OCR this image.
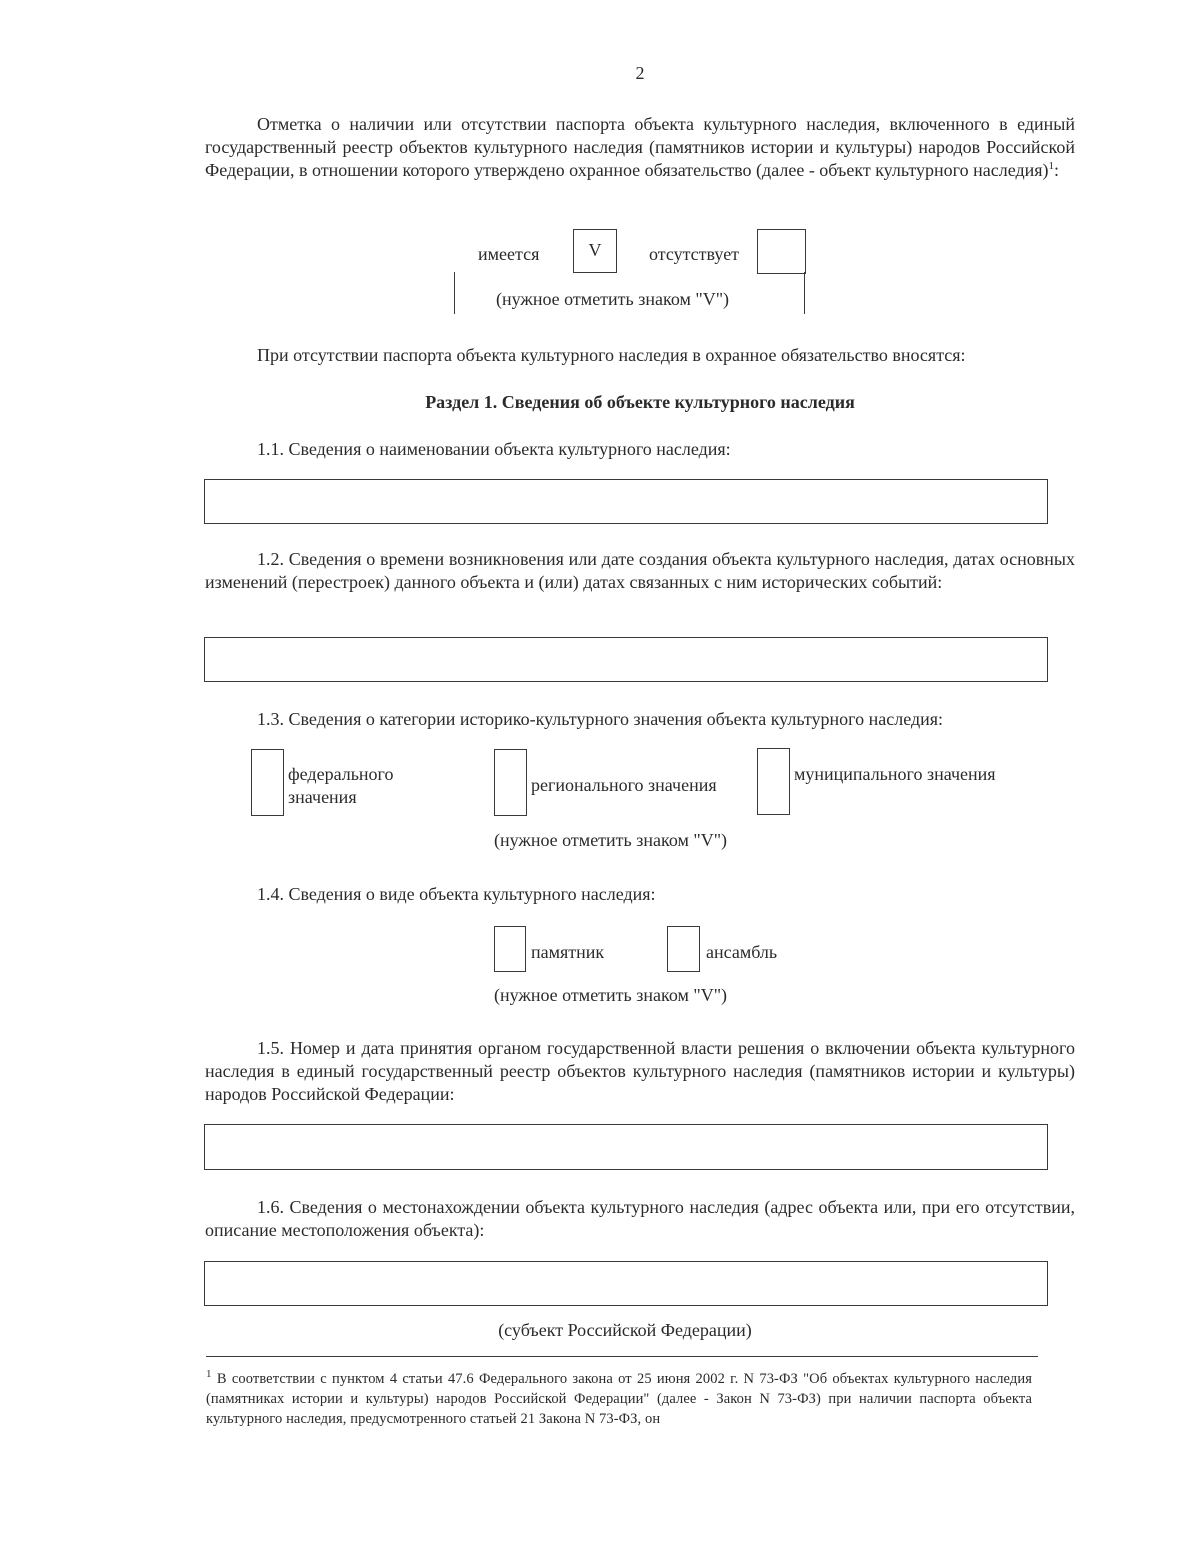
2
Отметка о наличии или отсутствии паспорта объекта культурного наследия, включенного в единый государственный реестр объектов культурного наследия (памятников истории и культуры) народов Российской Федерации, в отношении которого утверждено охранное обязательство (далее - объект культурного наследия)$^1$:
имеется	V	отсутствует
(нужное отметить знаком "V")
При отсутствии паспорта объекта культурного наследия в охранное обязательство вносятся:
Раздел 1. Сведения об объекте культурного наследия
1.1. Сведения о наименовании объекта культурного наследия:
1.2. Сведения о времени возникновения или дате создания объекта культурного наследия, датах основных изменений (перестроек) данного объекта и (или) датах связанных с ним исторических событий:
1.3. Сведения о категории историко-культурного значения объекта культурного наследия:
федерального значения
регионального значения
муниципального значения
(нужное отметить знаком "V")
1.4. Сведения о виде объекта культурного наследия:
памятник	ансамбль
(нужное отметить знаком "V")
1.5. Номер и дата принятия органом государственной власти решения о включении объекта культурного наследия в единый государственный реестр объектов культурного наследия (памятников истории и культуры) народов Российской Федерации:
1.6. Сведения о местонахождении объекта культурного наследия (адрес объекта или, при его отсутствии, описание местоположения объекта):
(субъект Российской Федерации)
$^1$ В соответствии с пунктом 4 статьи 47.6 Федерального закона от 25 июня 2002 г. N 73-ФЗ "Об объектах культурного наследия (памятниках истории и культуры) народов Российской Федерации" (далее - Закон N 73-ФЗ) при наличии паспорта объекта культурного наследия, предусмотренного статьей 21 Закона N 73-ФЗ, он
